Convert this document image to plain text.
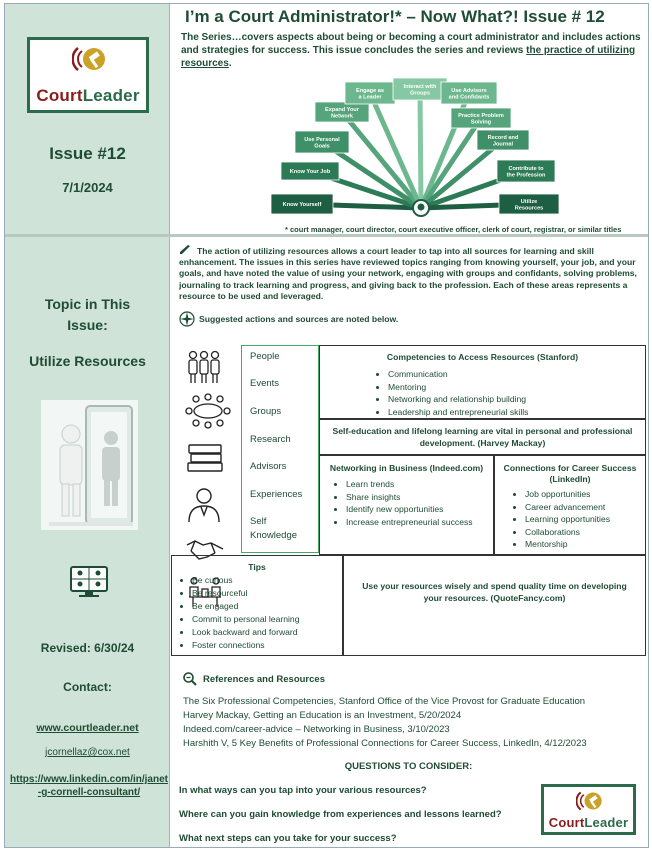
CourtLeader
Issue #12
7/1/2024
I’m a Court Administrator!* – Now What?! Issue # 12
The Series…covers aspects about being or becoming a court administrator and includes actions and strategies for success. This issue concludes the series and reviews the practice of utilizing resources.
Know Yourself
Know Your Job
Use Personal
Goals
Expand Your
Network
Engage as
a Leader
Interact with
Groups	Use Advisors
and Confidants
Practice Problem
Solving
Record and
Journal
Contribute to
the Profession
Utilize
Resources
* court manager, court director, court executive officer, clerk of court, registrar, or similar titles
Topic in This
Issue:
Utilize Resources
Revised: 6/30/24
Contact:
www.courtleader.net
jcornellaz@cox.net
https://www.linkedin.com/in/janet-g-cornell-consultant/
The action of utilizing resources allows a court leader to tap into all sources for learning and skill enhancement. The issues in this series have reviewed topics ranging from knowing yourself, your job, and your goals, and have noted the value of using your network, engaging with groups and confidants, solving problems, journaling to track learning and progress, and giving back to the profession. Each of these areas represents a resource to be used and leveraged.
Suggested actions and sources are noted below.
People
Events
Groups
Research
Advisors
Experiences
Self
Knowledge
Competencies to Access Resources (Stanford)
• Communication
• Mentoring
• Networking and relationship building
• Leadership and entrepreneurial skills
Self-education and lifelong learning are vital in personal and professional development. (Harvey Mackay)
Networking in Business (Indeed.com)
• Learn trends
• Share insights
• Identify new opportunities
• Increase entrepreneurial success
Connections for Career Success
(LinkedIn)
• Job opportunities
• Career advancement
• Learning opportunities
• Collaborations
• Mentorship
Tips
• Be curious
• Be resourceful
• Be engaged
• Commit to personal learning
• Look backward and forward
• Foster connections
Use your resources wisely and spend quality time on developing your resources. (QuoteFancy.com)
References and Resources
The Six Professional Competencies, Stanford Office of the Vice Provost for Graduate Education
Harvey Mackay, Getting an Education is an Investment, 5/20/2024
Indeed.com/career-advice – Networking in Business, 3/10/2023
Harshith V, 5 Key Benefits of Professional Connections for Career Success, LinkedIn, 4/12/2023
QUESTIONS TO CONSIDER:
In what ways can you tap into your various resources?
Where can you gain knowledge from experiences and lessons learned?
What next steps can you take for your success?
CourtLeader
